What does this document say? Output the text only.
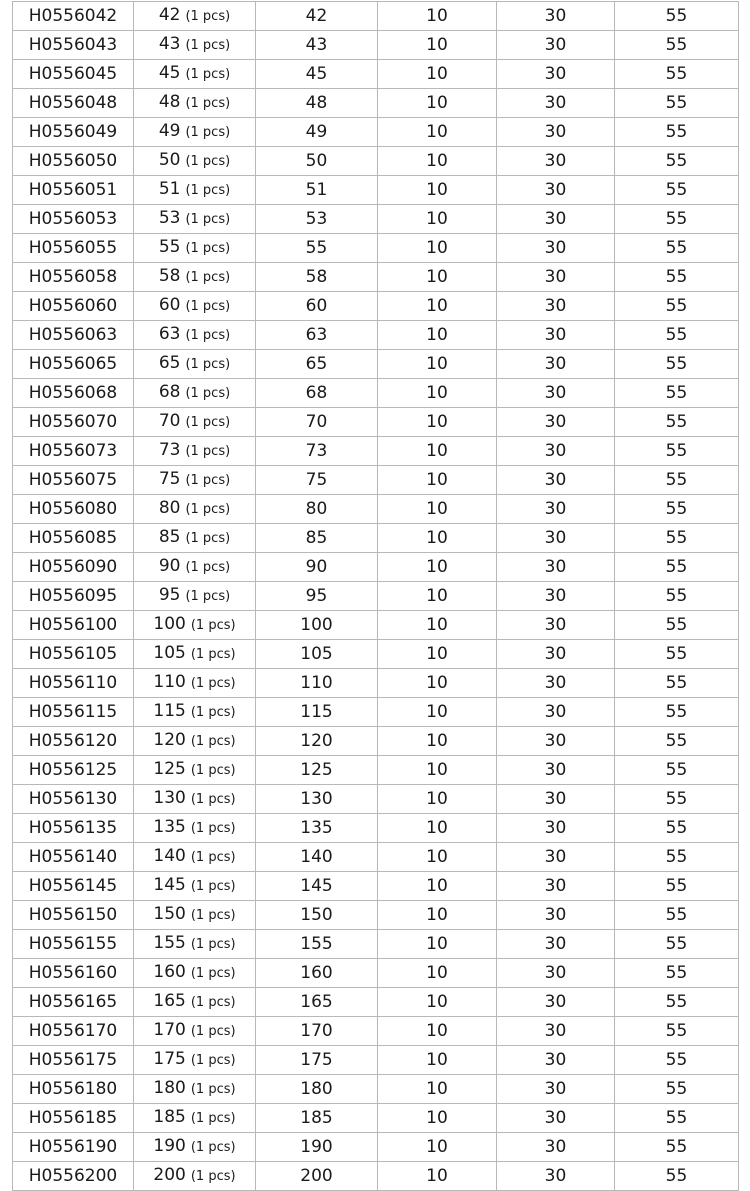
H0556042	42 (1 pcs)	42	10	30	55
H0556043	43 (1 pcs)	43	10	30	55
H0556045	45 (1 pcs)	45	10	30	55
H0556048	48 (1 pcs)	48	10	30	55
H0556049	49 (1 pcs)	49	10	30	55
H0556050	50 (1 pcs)	50	10	30	55
H0556051	51 (1 pcs)	51	10	30	55
H0556053	53 (1 pcs)	53	10	30	55
H0556055	55 (1 pcs)	55	10	30	55
H0556058	58 (1 pcs)	58	10	30	55
H0556060	60 (1 pcs)	60	10	30	55
H0556063	63 (1 pcs)	63	10	30	55
H0556065	65 (1 pcs)	65	10	30	55
H0556068	68 (1 pcs)	68	10	30	55
H0556070	70 (1 pcs)	70	10	30	55
H0556073	73 (1 pcs)	73	10	30	55
H0556075	75 (1 pcs)	75	10	30	55
H0556080	80 (1 pcs)	80	10	30	55
H0556085	85 (1 pcs)	85	10	30	55
H0556090	90 (1 pcs)	90	10	30	55
H0556095	95 (1 pcs)	95	10	30	55
H0556100	100 (1 pcs)	100	10	30	55
H0556105	105 (1 pcs)	105	10	30	55
H0556110	110 (1 pcs)	110	10	30	55
H0556115	115 (1 pcs)	115	10	30	55
H0556120	120 (1 pcs)	120	10	30	55
H0556125	125 (1 pcs)	125	10	30	55
H0556130	130 (1 pcs)	130	10	30	55
H0556135	135 (1 pcs)	135	10	30	55
H0556140	140 (1 pcs)	140	10	30	55
H0556145	145 (1 pcs)	145	10	30	55
H0556150	150 (1 pcs)	150	10	30	55
H0556155	155 (1 pcs)	155	10	30	55
H0556160	160 (1 pcs)	160	10	30	55
H0556165	165 (1 pcs)	165	10	30	55
H0556170	170 (1 pcs)	170	10	30	55
H0556175	175 (1 pcs)	175	10	30	55
H0556180	180 (1 pcs)	180	10	30	55
H0556185	185 (1 pcs)	185	10	30	55
H0556190	190 (1 pcs)	190	10	30	55
H0556200	200 (1 pcs)	200	10	30	55
